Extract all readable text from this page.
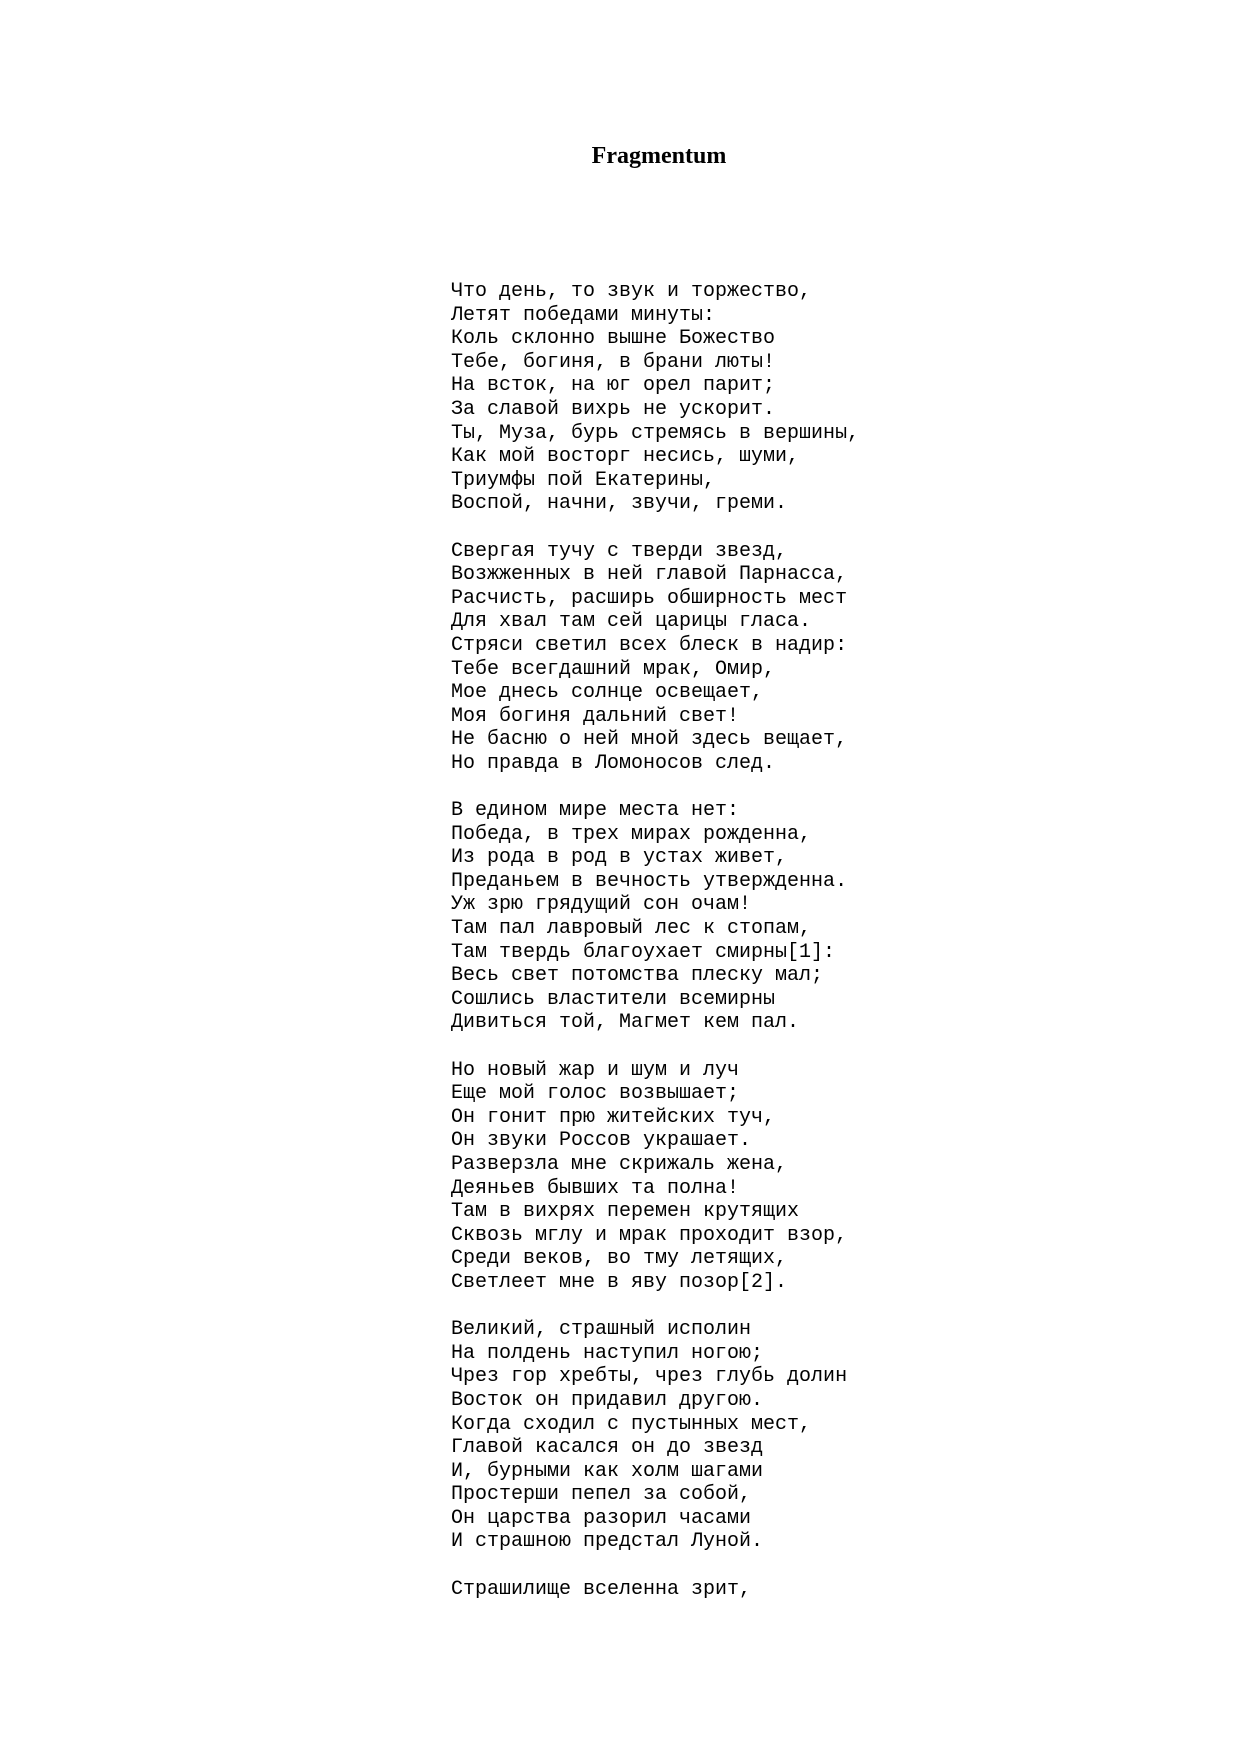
Fragmentum
Что день, то звук и торжество,
Летят победами минуты:
Коль склонно вышне Божество
Тебе, богиня, в брани люты!
На всток, на юг орел парит;
За славой вихрь не ускорит.
Ты, Муза, бурь стремясь в вершины,
Как мой восторг несись, шуми,
Триумфы пой Екатерины,
Воспой, начни, звучи, греми.
Свергая тучу с тверди звезд,
Возжженных в ней главой Парнасса,
Расчисть, расширь обширность мест
Для хвал там сей царицы гласа.
Стряси светил всех блеск в надир:
Тебе всегдашний мрак, Омир,
Мое днесь солнце освещает,
Моя богиня дальний свет!
Не басню о ней мной здесь вещает,
Но правда в Ломоносов след.
В едином мире места нет:
Победа, в трех мирах рожденна,
Из рода в род в устах живет,
Преданьем в вечность утвержденна.
Уж зрю грядущий сон очам!
Там пал лавровый лес к стопам,
Там твердь благоухает смирны[1]:
Весь свет потомства плеску мал;
Сошлись властители всемирны
Дивиться той, Магмет кем пал.
Но новый жар и шум и луч
Еще мой голос возвышает;
Он гонит прю житейских туч,
Он звуки Россов украшает.
Разверзла мне скрижаль жена,
Деяньев бывших та полна!
Там в вихрях перемен крутящих
Сквозь мглу и мрак проходит взор,
Среди веков, во тму летящих,
Светлеет мне в яву позор[2].
Великий, страшный исполин
На полдень наступил ногою;
Чрез гор хребты, чрез глубь долин
Восток он придавил другою.
Когда сходил с пустынных мест,
Главой касался он до звезд
И, бурными как холм шагами
Простерши пепел за собой,
Он царства разорил часами
И страшною предстал Луной.
Страшилище вселенна зрит,
